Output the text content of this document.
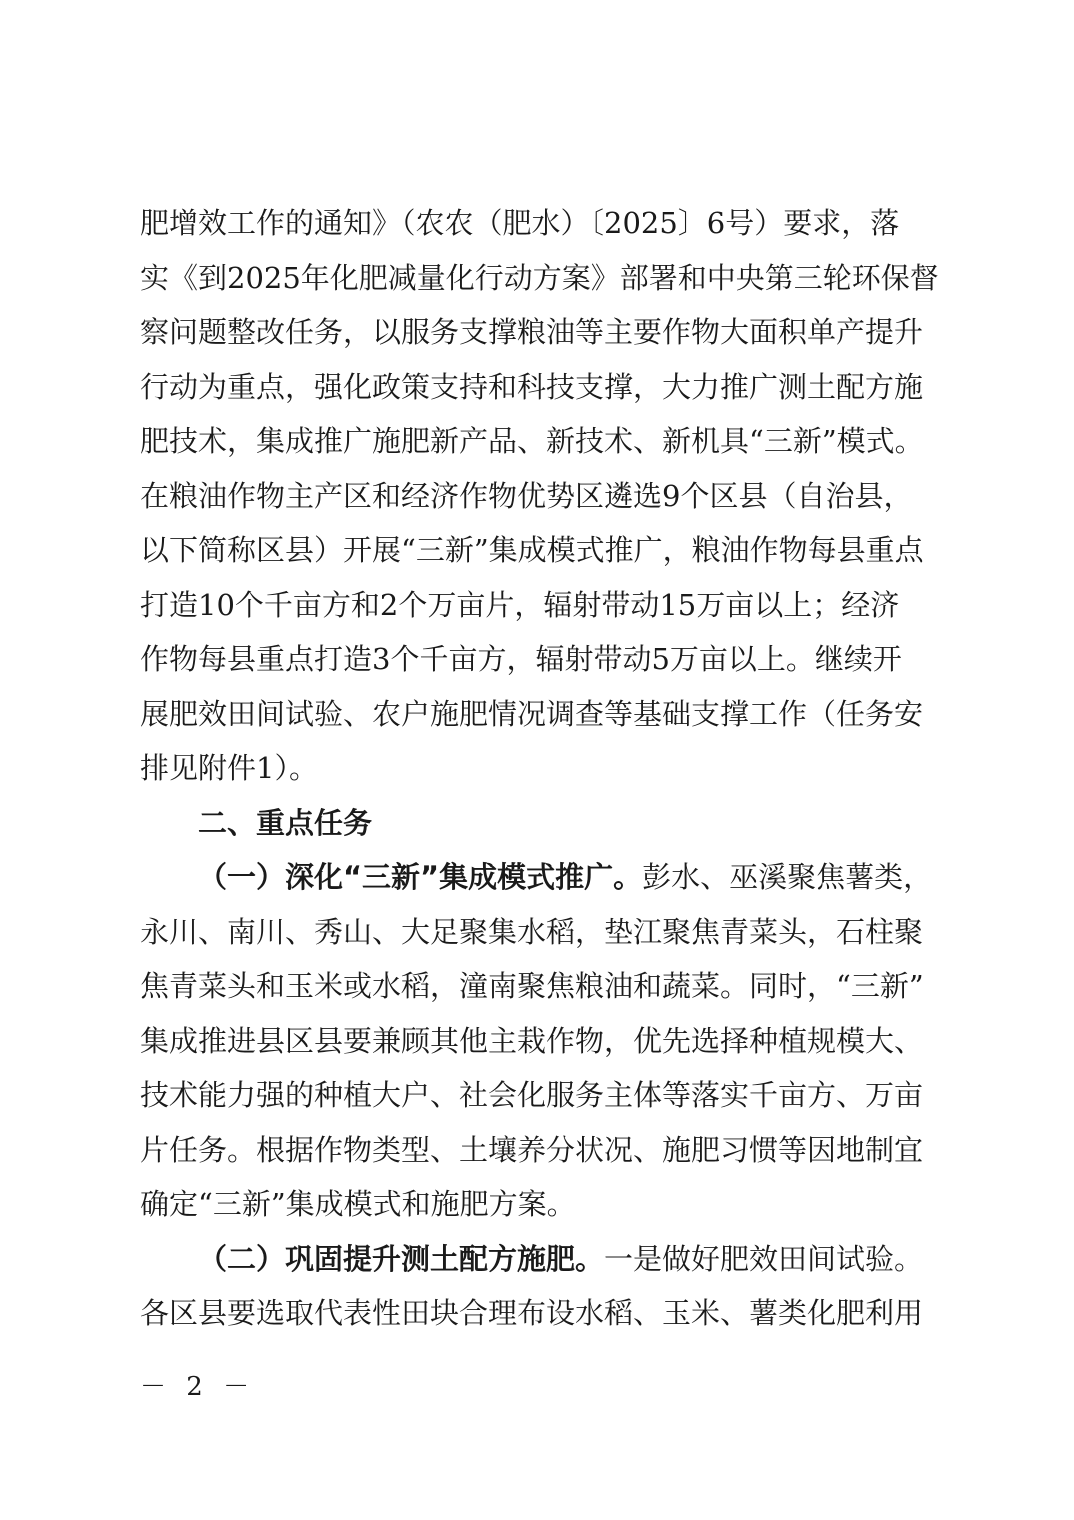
肥增效工作的通知》（农农（肥水）〔2025〕6号）要求，落
实《到2025年化肥减量化行动方案》部署和中央第三轮环保督
察问题整改任务，以服务支撑粮油等主要作物大面积单产提升
行动为重点，强化政策支持和科技支撑，大力推广测土配方施
肥技术，集成推广施肥新产品、新技术、新机具“三新”模式。
在粮油作物主产区和经济作物优势区遴选9个区县（自治县，
以下简称区县）开展“三新”集成模式推广，粮油作物每县重点
打造10个千亩方和2个万亩片，辐射带动15万亩以上；经济
作物每县重点打造3个千亩方，辐射带动5万亩以上。继续开
展肥效田间试验、农户施肥情况调查等基础支撑工作（任务安
排见附件1）。
二、重点任务
（一）深化“三新”集成模式推广。彭水、巫溪聚焦薯类，
永川、南川、秀山、大足聚集水稻，垫江聚焦青菜头，石柱聚
焦青菜头和玉米或水稻，潼南聚焦粮油和蔬菜。同时，“三新”
集成推进县区县要兼顾其他主栽作物，优先选择种植规模大、
技术能力强的种植大户、社会化服务主体等落实千亩方、万亩
片任务。根据作物类型、土壤养分状况、施肥习惯等因地制宜
确定“三新”集成模式和施肥方案。
（二）巩固提升测土配方施肥。一是做好肥效田间试验。
各区县要选取代表性田块合理布设水稻、玉米、薯类化肥利用
－ 2 －
